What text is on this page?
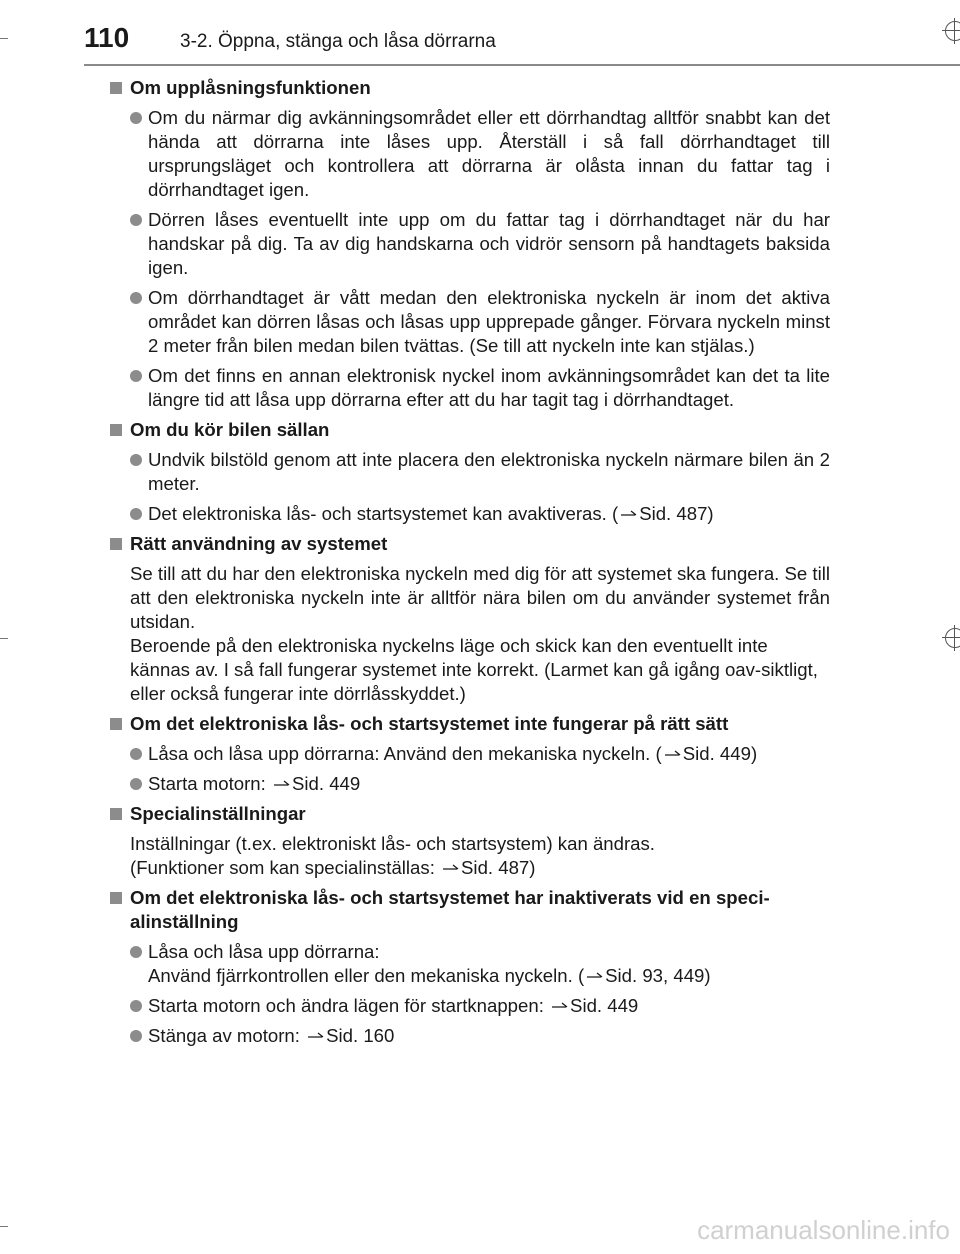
110	3-2. Öppna, stänga och låsa dörrarna
Om upplåsningsfunktionen
Om du närmar dig avkänningsområdet eller ett dörrhandtag alltför snabbt kan det hända att dörrarna inte låses upp. Återställ i så fall dörrhandtaget till ursprungsläget och kontrollera att dörrarna är olåsta innan du fattar tag i dörrhandtaget igen.
Dörren låses eventuellt inte upp om du fattar tag i dörrhandtaget när du har handskar på dig. Ta av dig handskarna och vidrör sensorn på handtagets baksida igen.
Om dörrhandtaget är vått medan den elektroniska nyckeln är inom det aktiva området kan dörren låsas och låsas upp upprepade gånger. Förvara nyckeln minst 2 meter från bilen medan bilen tvättas. (Se till att nyckeln inte kan stjälas.)
Om det finns en annan elektronisk nyckel inom avkänningsområdet kan det ta lite längre tid att låsa upp dörrarna efter att du har tagit tag i dörrhandtaget.
Om du kör bilen sällan
Undvik bilstöld genom att inte placera den elektroniska nyckeln närmare bilen än 2 meter.
Det elektroniska lås- och startsystemet kan avaktiveras. ( Sid. 487)
Rätt användning av systemet
Se till att du har den elektroniska nyckeln med dig för att systemet ska fungera. Se till att den elektroniska nyckeln inte är alltför nära bilen om du använder systemet från utsidan.
Beroende på den elektroniska nyckelns läge och skick kan den eventuellt inte kännas av. I så fall fungerar systemet inte korrekt. (Larmet kan gå igång oav-siktligt, eller också fungerar inte dörrlåsskyddet.)
Om det elektroniska lås- och startsystemet inte fungerar på rätt sätt
Låsa och låsa upp dörrarna: Använd den mekaniska nyckeln. ( Sid. 449)
Starta motorn: Sid. 449
Specialinställningar
Inställningar (t.ex. elektroniskt lås- och startsystem) kan ändras.
(Funktioner som kan specialinställas: Sid. 487)
Om det elektroniska lås- och startsystemet har inaktiverats vid en speci-alinställning
Låsa och låsa upp dörrarna:
Använd fjärrkontrollen eller den mekaniska nyckeln. ( Sid. 93, 449)
Starta motorn och ändra lägen för startknappen: Sid. 449
Stänga av motorn: Sid. 160
carmanualsonline.info
